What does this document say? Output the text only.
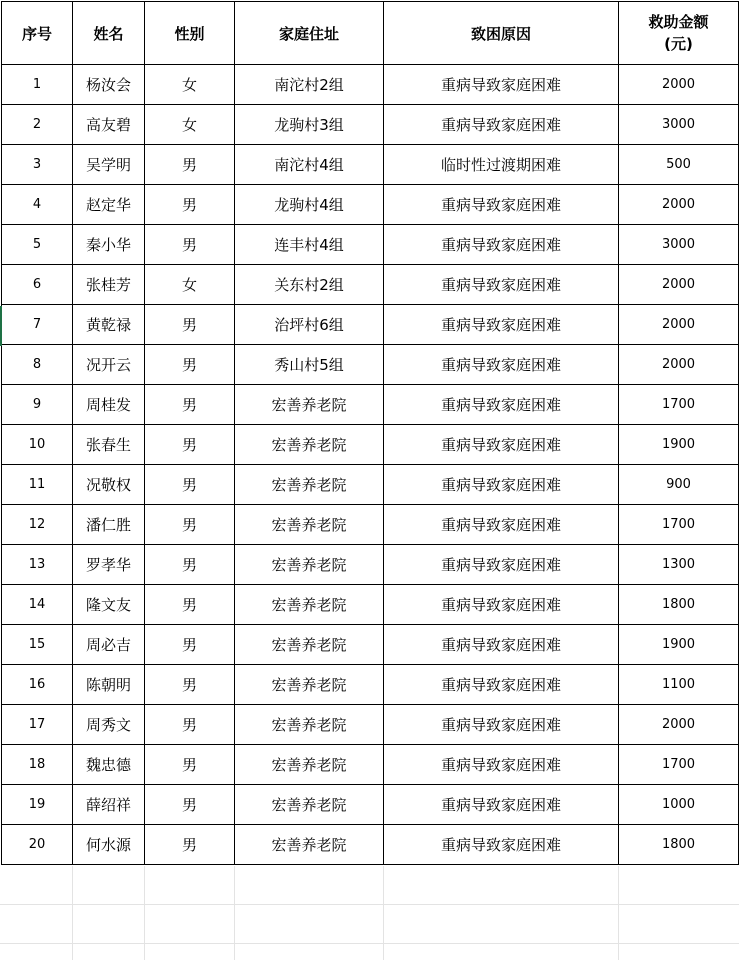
序号	姓名	性别	家庭住址	致困原因	救助金额
(元)
1	杨汝会	女	南沱村2组	重病导致家庭困难	2000
2	高友碧	女	龙驹村3组	重病导致家庭困难	3000
3	吴学明	男	南沱村4组	临时性过渡期困难	500
4	赵定华	男	龙驹村4组	重病导致家庭困难	2000
5	秦小华	男	连丰村4组	重病导致家庭困难	3000
6	张桂芳	女	关东村2组	重病导致家庭困难	2000
7	黄乾禄	男	治坪村6组	重病导致家庭困难	2000
8	况开云	男	秀山村5组	重病导致家庭困难	2000
9	周桂发	男	宏善养老院	重病导致家庭困难	1700
10	张春生	男	宏善养老院	重病导致家庭困难	1900
11	况敬权	男	宏善养老院	重病导致家庭困难	900
12	潘仁胜	男	宏善养老院	重病导致家庭困难	1700
13	罗孝华	男	宏善养老院	重病导致家庭困难	1300
14	隆文友	男	宏善养老院	重病导致家庭困难	1800
15	周必吉	男	宏善养老院	重病导致家庭困难	1900
16	陈朝明	男	宏善养老院	重病导致家庭困难	1100
17	周秀文	男	宏善养老院	重病导致家庭困难	2000
18	魏忠德	男	宏善养老院	重病导致家庭困难	1700
19	薛绍祥	男	宏善养老院	重病导致家庭困难	1000
20	何水源	男	宏善养老院	重病导致家庭困难	1800
